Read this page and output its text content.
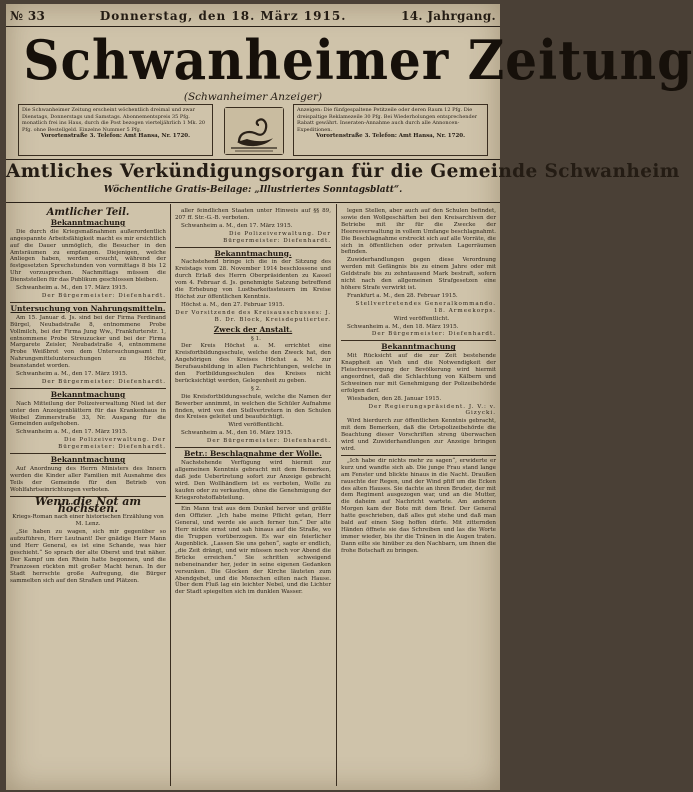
№ 33	Donnerstag, den 18. März 1915.	14. Jahrgang.
Schwanheimer Zeitung
(Schwanheimer Anzeiger)

Die Schwanheimer Zeitung erscheint wöchentlich dreimal und zwar Dienstags, Donnerstags und Samstags. Abonnementspreis 35 Pfg. monatlich frei ins Haus, durch die Post bezogen vierteljährlich 1 Mk. 20 Pfg. ohne Bestellgeld. Einzelne Nummer 5 Pfg.

Vorortenstraße 3. Telefon: Amt Hansa, Nr. 1720.

Anzeigen: Die fünfgespaltene Petitzeile oder deren Raum 12 Pfg. Die dreispaltige Reklamezeile 30 Pfg. Bei Wiederholungen entsprechender Rabatt gewährt. Inseraten-Annahme auch durch alle Annoncen-Expeditionen.

Vorortenstraße 3. Telefon: Amt Hansa, Nr. 1720.

Amtliches Verkündigungsorgan für die Gemeinde Schwanheim
Wöchentliche Gratis-Beilage: „Illustriertes Sonntagsblatt“.
Amtlicher Teil.
Bekanntmachung

Die durch die Kriegsmaßnahmen außerordentlich angespannte Arbeitsfähigkeit macht es mir ersichtlich auf die Dauer unmöglich, die Besucher in den Amtsräumen zu empfangen. Diejenigen, welche Anliegen haben, werden ersucht, während der festgesetzten Sprechstunden von vormittags 8 bis 12 Uhr vorzusprechen. Nachmittags müssen die Dienststellen für das Publikum geschlossen bleiben.

Schwanheim a. M., den 17. März 1915.

Der Bürgermeister: Diefenhardt.
Untersuchung von Nahrungsmitteln.

Am 15. Januar d. Js. sind bei der Firma Ferdinand Bürgel, Neubadstraße 8, entnommene Probe Vollmilch, bei der Firma Jung Ww., Frankfurterstr. 1, entnommene Probe Streuzucker und bei der Firma Margarete Zeisler, Neubadstraße 4, entnommene Probe Weißbrot von dem Untersuchungsamt für Nahrungsmitteluntersuchungen zu Höchst, beanstandet worden.

Schwanheim a. M., den 17. März 1915.

Der Bürgermeister: Diefenhardt.
Bekanntmachung

Nach Mitteilung der Polizeiverwaltung Nied ist der unter den Anzeigenblättern für das Krankenhaus in Weibel Zimmerstraße 33, Nr. Ausgang für die Gemeinden aufgehoben.

Schwanheim a. M., den 17. März 1915.

Die Polizeiverwaltung. Der Bürgermeister: Diefenhardt.
Bekanntmachung

Auf Anordnung des Herrn Ministers des Innern werden die Kinder aller Familien mit Ausnahme des Teils der Gemeinde für den Betrieb von Wohlfahrtseinrichtungen verboten.

Wenn die Not am höchsten.

Kriegs-Roman nach einer historischen Erzählung von M. Lenz.

„Sie haben zu wagen, sich mir gegenüber so aufzuführen, Herr Leutnant! Der gnädige Herr Mann und Herr General, es ist eine Schande, was hier geschieht.“ So sprach der alte Oberst und trat näher. Der Kampf um den Rhein hatte begonnen, und die Franzosen rückten mit großer Macht heran. In der Stadt herrschte große Aufregung, die Bürger sammelten sich auf den Straßen und Plätzen.

aller feindlichen Staaten unter Hinweis auf §§ 89, 207 ff. Str.-G.-B. verboten.

Schwanheim a. M., den 17. März 1915.

Die Polizeiverwaltung. Der Bürgermeister: Diefenhardt.
Bekanntmachung.

Nachstehend bringe ich die in der Sitzung des Kreistags vom 28. November 1914 beschlossene und durch Erlaß des Herrn Oberpräsidenten zu Kassel vom 4. Februar d. Js. genehmigte Satzung betreffend die Erhebung von Lustbarkeitssteuern im Kreise Höchst zur öffentlichen Kenntnis.

Höchst a. M., den 27. Februar 1915.

Der Vorsitzende des Kreisausschusses: J. B. Dr. Block, Kreisdeputierter.
Zweck der Anstalt.

§ 1.

Der Kreis Höchst a. M. errichtet eine Kreisfortbildungsschule, welche den Zweck hat, den Angehörigen des Kreises Höchst a. M. zur Berufsausbildung in allen Fachrichtungen, welche in den Fortbildungsschulen des Kreises nicht berücksichtigt werden, Gelegenheit zu geben.

§ 2.

Die Kreisfortbildungsschule, welche die Namen der Bewerber annimmt, in welchen die Schüler Aufnahme finden, wird von den Stellvertretern in den Schulen des Kreises geleitet und beaufsichtigt.

Wird veröffentlicht.

Schwanheim a. M., den 16. März 1915.

Der Bürgermeister: Diefenhardt.
Betr.: Beschlagnahme der Wolle.

Nachstehende Verfügung wird hiermit zur allgemeinen Kenntnis gebracht mit dem Bemerken, daß jede Uebertretung sofort zur Anzeige gebracht wird. Den Wollhändlern ist es verboten, Wolle zu kaufen oder zu verkaufen, ohne die Genehmigung der Kriegsrohstoffabteilung.

Ein Mann trat aus dem Dunkel hervor und grüßte den Offizier. „Ich habe meine Pflicht getan, Herr General, und werde sie auch ferner tun.“ Der alte Herr nickte ernst und sah hinaus auf die Straße, wo die Truppen vorüberzogen. Es war ein feierlicher Augenblick. „Lassen Sie uns gehen“, sagte er endlich, „die Zeit drängt, und wir müssen noch vor Abend die Brücke erreichen.“ Sie schritten schweigend nebeneinander her, jeder in seine eigenen Gedanken versunken. Die Glocken der Kirche läuteten zum Abendgebet, und die Menschen eilten nach Hause. Über dem Fluß lag ein leichter Nebel, und die Lichter der Stadt spiegelten sich im dunklen Wasser.

legen Stellen, aber auch auf den Schulen befindet, sowie den Wollgeschäften bei den Kreisarchiven der Betriebe mit ihr für die Zwecke der Heeresverwaltung in vollem Umfange beschlagnahmt. Die Beschlagnahme erstreckt sich auf alle Vorräte, die sich in öffentlichen oder privaten Lagerräumen befinden.

Zuwiderhandlungen gegen diese Verordnung werden mit Gefängnis bis zu einem Jahre oder mit Geldstrafe bis zu zehntausend Mark bestraft, sofern nicht nach den allgemeinen Strafgesetzen eine höhere Strafe verwirkt ist.

Frankfurt a. M., den 28. Februar 1915.

Stellvertretendes Generalkommando. 18. Armeekorps.

Wird veröffentlicht.

Schwanheim a. M., den 18. März 1915.

Der Bürgermeister: Diefenhardt.
Bekanntmachung

Mit Rücksicht auf die zur Zeit bestehende Knappheit an Vieh und die Notwendigkeit der Fleischversorgung der Bevölkerung wird hiermit angeordnet, daß die Schlachtung von Kälbern und Schweinen nur mit Genehmigung der Polizeibehörde erfolgen darf.

Wiesbaden, den 28. Januar 1915.

Der Regierungspräsident. J. V.: v. Gizycki.

Wird hierdurch zur öffentlichen Kenntnis gebracht, mit dem Bemerken, daß die Ortspolizeibehörde die Beachtung dieser Vorschriften streng überwachen wird und Zuwiderhandlungen zur Anzeige bringen wird.

„Ich habe dir nichts mehr zu sagen“, erwiderte er kurz und wandte sich ab. Die junge Frau stand lange am Fenster und blickte hinaus in die Nacht. Draußen rauschte der Regen, und der Wind pfiff um die Ecken des alten Hauses. Sie dachte an ihren Bruder, der mit dem Regiment ausgezogen war, und an die Mutter, die daheim auf Nachricht wartete. Am anderen Morgen kam der Bote mit dem Brief. Der General hatte geschrieben, daß alles gut stehe und daß man bald auf einen Sieg hoffen dürfe. Mit zitternden Händen öffnete sie das Schreiben und las die Worte immer wieder, bis ihr die Tränen in die Augen traten. Dann eilte sie hinüber zu den Nachbarn, um ihnen die frohe Botschaft zu bringen.
